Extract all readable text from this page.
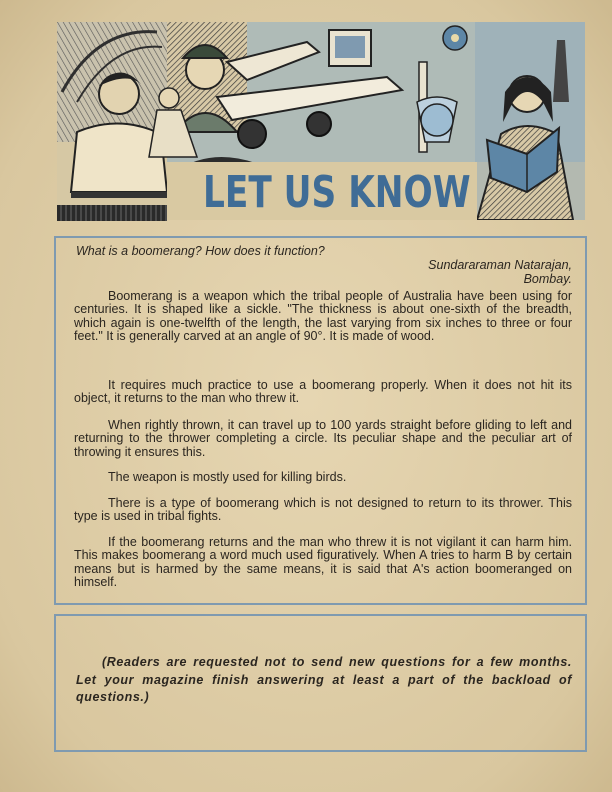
LET US KNOW

What is a boomerang? How does it function?

Sundararaman Natarajan,
Bombay.

Boomerang is a weapon which the tribal people of Australia have been using for centuries. It is shaped like a sickle. "The thickness is about one-sixth of the breadth, which again is one-twelfth of the length, the last varying from six inches to three or four feet." It is generally carved at an angle of 90°. It is made of wood.

It requires much practice to use a boomerang properly. When it does not hit its object, it returns to the man who threw it.

When rightly thrown, it can travel up to 100 yards straight before gliding to left and returning to the thrower completing a circle. Its peculiar shape and the peculiar art of throwing it ensures this.

The weapon is mostly used for killing birds.

There is a type of boomerang which is not designed to return to its thrower. This type is used in tribal fights.

If the boomerang returns and the man who threw it is not vigilant it can harm him. This makes boomerang a word much used figuratively. When A tries to harm B by certain means but is harmed by the same means, it is said that A's action boomeranged on himself.

(Readers are requested not to send new questions for a few months. Let your magazine finish answering at least a part of the backload of questions.)
